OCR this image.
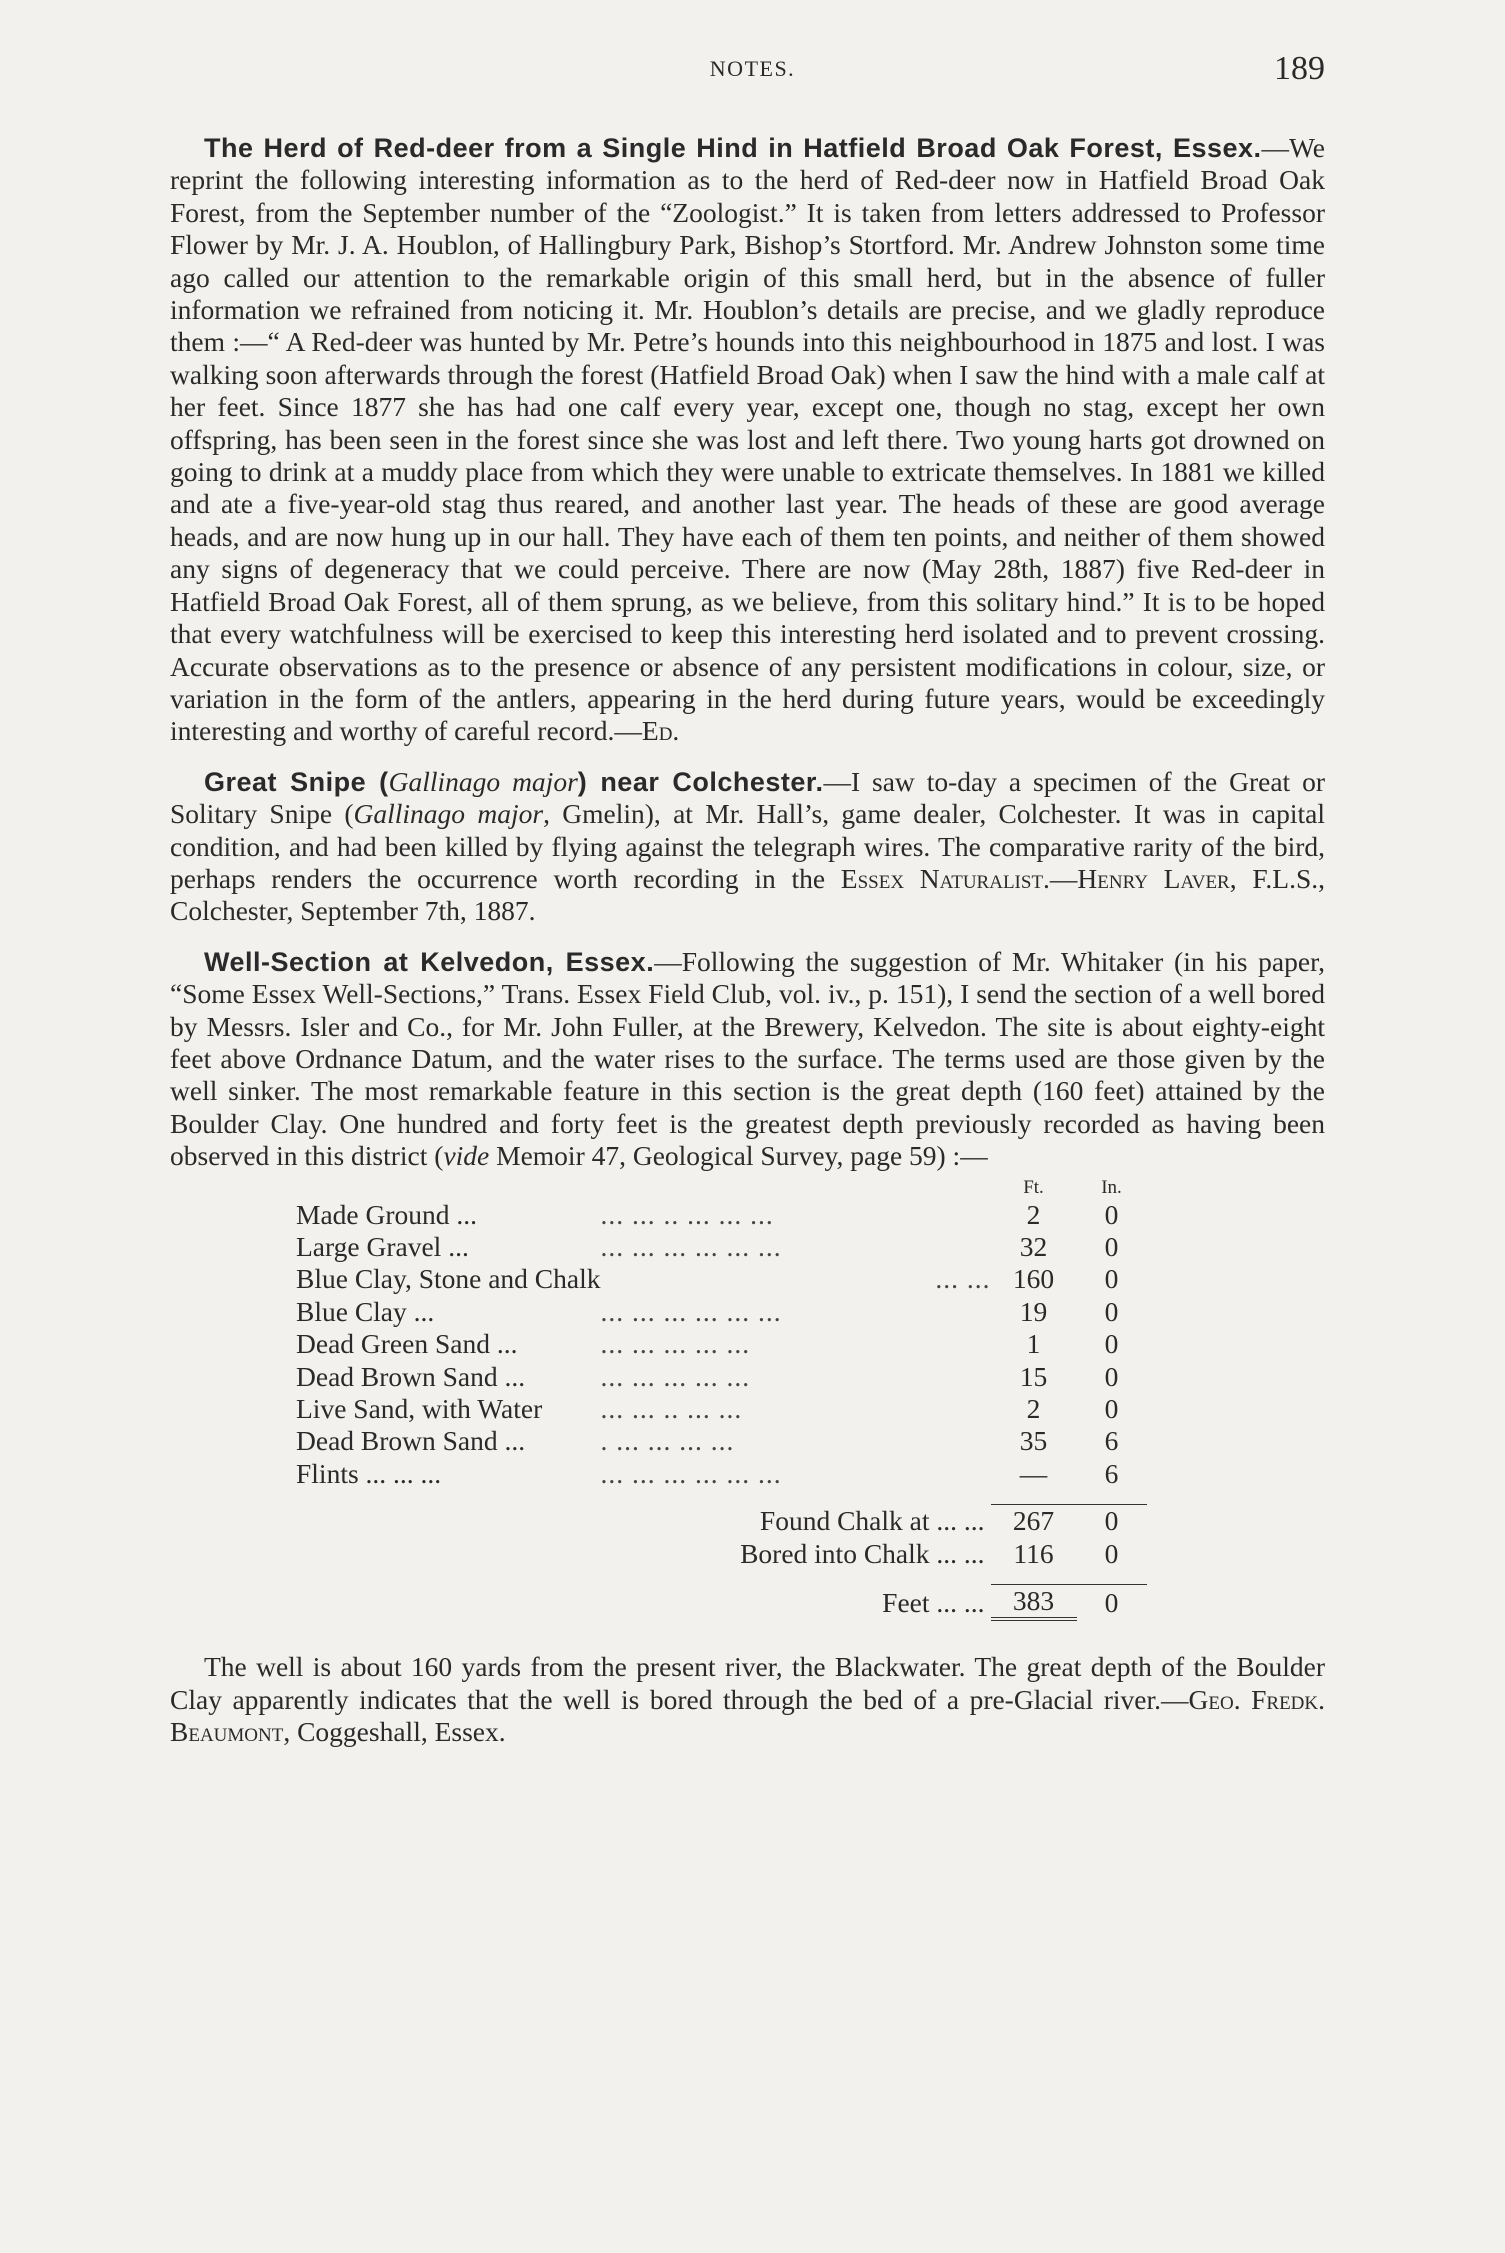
NOTES.	189

The Herd of Red-deer from a Single Hind in Hatfield Broad Oak Forest, Essex.—We reprint the following interesting information as to the herd of Red-deer now in Hatfield Broad Oak Forest, from the September number of the “Zoologist.” It is taken from letters addressed to Professor Flower by Mr. J. A. Houblon, of Hallingbury Park, Bishop’s Stortford. Mr. Andrew Johnston some time ago called our attention to the remarkable origin of this small herd, but in the absence of fuller information we refrained from noticing it. Mr. Houblon’s details are precise, and we gladly reproduce them :—“ A Red-deer was hunted by Mr. Petre’s hounds into this neighbourhood in 1875 and lost. I was walking soon afterwards through the forest (Hatfield Broad Oak) when I saw the hind with a male calf at her feet. Since 1877 she has had one calf every year, except one, though no stag, except her own offspring, has been seen in the forest since she was lost and left there. Two young harts got drowned on going to drink at a muddy place from which they were unable to extricate themselves. In 1881 we killed and ate a five-year-old stag thus reared, and another last year. The heads of these are good average heads, and are now hung up in our hall. They have each of them ten points, and neither of them showed any signs of degeneracy that we could perceive. There are now (May 28th, 1887) five Red-deer in Hatfield Broad Oak Forest, all of them sprung, as we believe, from this solitary hind.” It is to be hoped that every watchfulness will be exercised to keep this interesting herd isolated and to prevent crossing. Accurate observations as to the presence or absence of any persistent modifications in colour, size, or variation in the form of the antlers, appearing in the herd during future years, would be exceedingly interesting and worthy of careful record.—Ed.

Great Snipe (Gallinago major) near Colchester.—I saw to-day a specimen of the Great or Solitary Snipe (Gallinago major, Gmelin), at Mr. Hall’s, game dealer, Colchester. It was in capital condition, and had been killed by flying against the telegraph wires. The comparative rarity of the bird, perhaps renders the occurrence worth recording in the Essex Naturalist.—Henry Laver, F.L.S., Colchester, September 7th, 1887.

Well-Section at Kelvedon, Essex.—Following the suggestion of Mr. Whitaker (in his paper, “Some Essex Well-Sections,” Trans. Essex Field Club, vol. iv., p. 151), I send the section of a well bored by Messrs. Isler and Co., for Mr. John Fuller, at the Brewery, Kelvedon. The site is about eighty-eight feet above Ordnance Datum, and the water rises to the surface. The terms used are those given by the well sinker. The most remarkable feature in this section is the great depth (160 feet) attained by the Boulder Clay. One hundred and forty feet is the greatest depth previously recorded as having been observed in this district (vide Memoir 47, Geological Survey, page 59) :—

		Ft.	In.
Made Ground ...	... ... .. ... ... ...	2	0
Large Gravel ...	... ... ... ... ... ...	32	0
Blue Clay, Stone and Chalk	... ...	160	0
Blue Clay ...	... ... ... ... ... ...	19	0
Dead Green Sand ...	... ... ... ... ...	1	0
Dead Brown Sand ...	... ... ... ... ...	15	0
Live Sand, with Water	... ... .. ... ...	2	0
Dead Brown Sand ...	. ... ... ... ...	35	6
Flints ... ... ...	... ... ... ... ... ...	—	6

Found Chalk at ... ...		267	0
Bored into Chalk ... ...		116	0

Feet ... ...		383	0

The well is about 160 yards from the present river, the Blackwater. The great depth of the Boulder Clay apparently indicates that the well is bored through the bed of a pre-Glacial river.—Geo. Fredk. Beaumont, Coggeshall, Essex.
